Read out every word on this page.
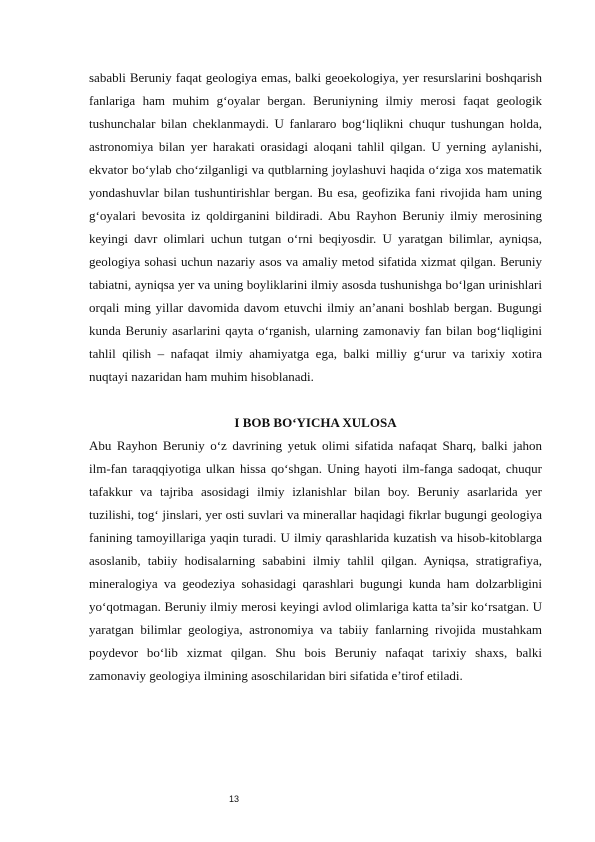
sababli Beruniy faqat geologiya emas, balki geoekologiya, yer resurslarini boshqarish fanlariga ham muhim g‘oyalar bergan. Beruniyning ilmiy merosi faqat geologik tushunchalar bilan cheklanmaydi. U fanlararo bog‘liqlikni chuqur tushungan holda, astronomiya bilan yer harakati orasidagi aloqani tahlil qilgan. U yerning aylanishi, ekvator bo‘ylab cho‘zilganligi va qutblarning joylashuvi haqida o‘ziga xos matematik yondashuvlar bilan tushuntirishlar bergan. Bu esa, geofizika fani rivojida ham uning g‘oyalari bevosita iz qoldirganini bildiradi. Abu Rayhon Beruniy ilmiy merosining keyingi davr olimlari uchun tutgan o‘rni beqiyosdir. U yaratgan bilimlar, ayniqsa, geologiya sohasi uchun nazariy asos va amaliy metod sifatida xizmat qilgan. Beruniy tabiatni, ayniqsa yer va uning boyliklarini ilmiy asosda tushunishga bo‘lgan urinishlari orqali ming yillar davomida davom etuvchi ilmiy an’anani boshlab bergan. Bugungi kunda Beruniy asarlarini qayta o‘rganish, ularning zamonaviy fan bilan bog‘liqligini tahlil qilish – nafaqat ilmiy ahamiyatga ega, balki milliy g‘urur va tarixiy xotira nuqtayi nazaridan ham muhim hisoblanadi.

I BOB BO‘YICHA XULOSA

Abu Rayhon Beruniy o‘z davrining yetuk olimi sifatida nafaqat Sharq, balki jahon ilm-fan taraqqiyotiga ulkan hissa qo‘shgan. Uning hayoti ilm-fanga sadoqat, chuqur tafakkur va tajriba asosidagi ilmiy izlanishlar bilan boy. Beruniy asarlarida yer tuzilishi, tog‘ jinslari, yer osti suvlari va minerallar haqidagi fikrlar bugungi geologiya fanining tamoyillariga yaqin turadi. U ilmiy qarashlarida kuzatish va hisob-kitoblarga asoslanib, tabiiy hodisalarning sababini ilmiy tahlil qilgan. Ayniqsa, stratigrafiya, mineralogiya va geodeziya sohasidagi qarashlari bugungi kunda ham dolzarbligini yo‘qotmagan. Beruniy ilmiy merosi keyingi avlod olimlariga katta ta’sir ko‘rsatgan. U yaratgan bilimlar geologiya, astronomiya va tabiiy fanlarning rivojida mustahkam poydevor bo‘lib xizmat qilgan. Shu bois Beruniy nafaqat tarixiy shaxs, balki zamonaviy geologiya ilmining asoschilaridan biri sifatida e’tirof etiladi.

13
